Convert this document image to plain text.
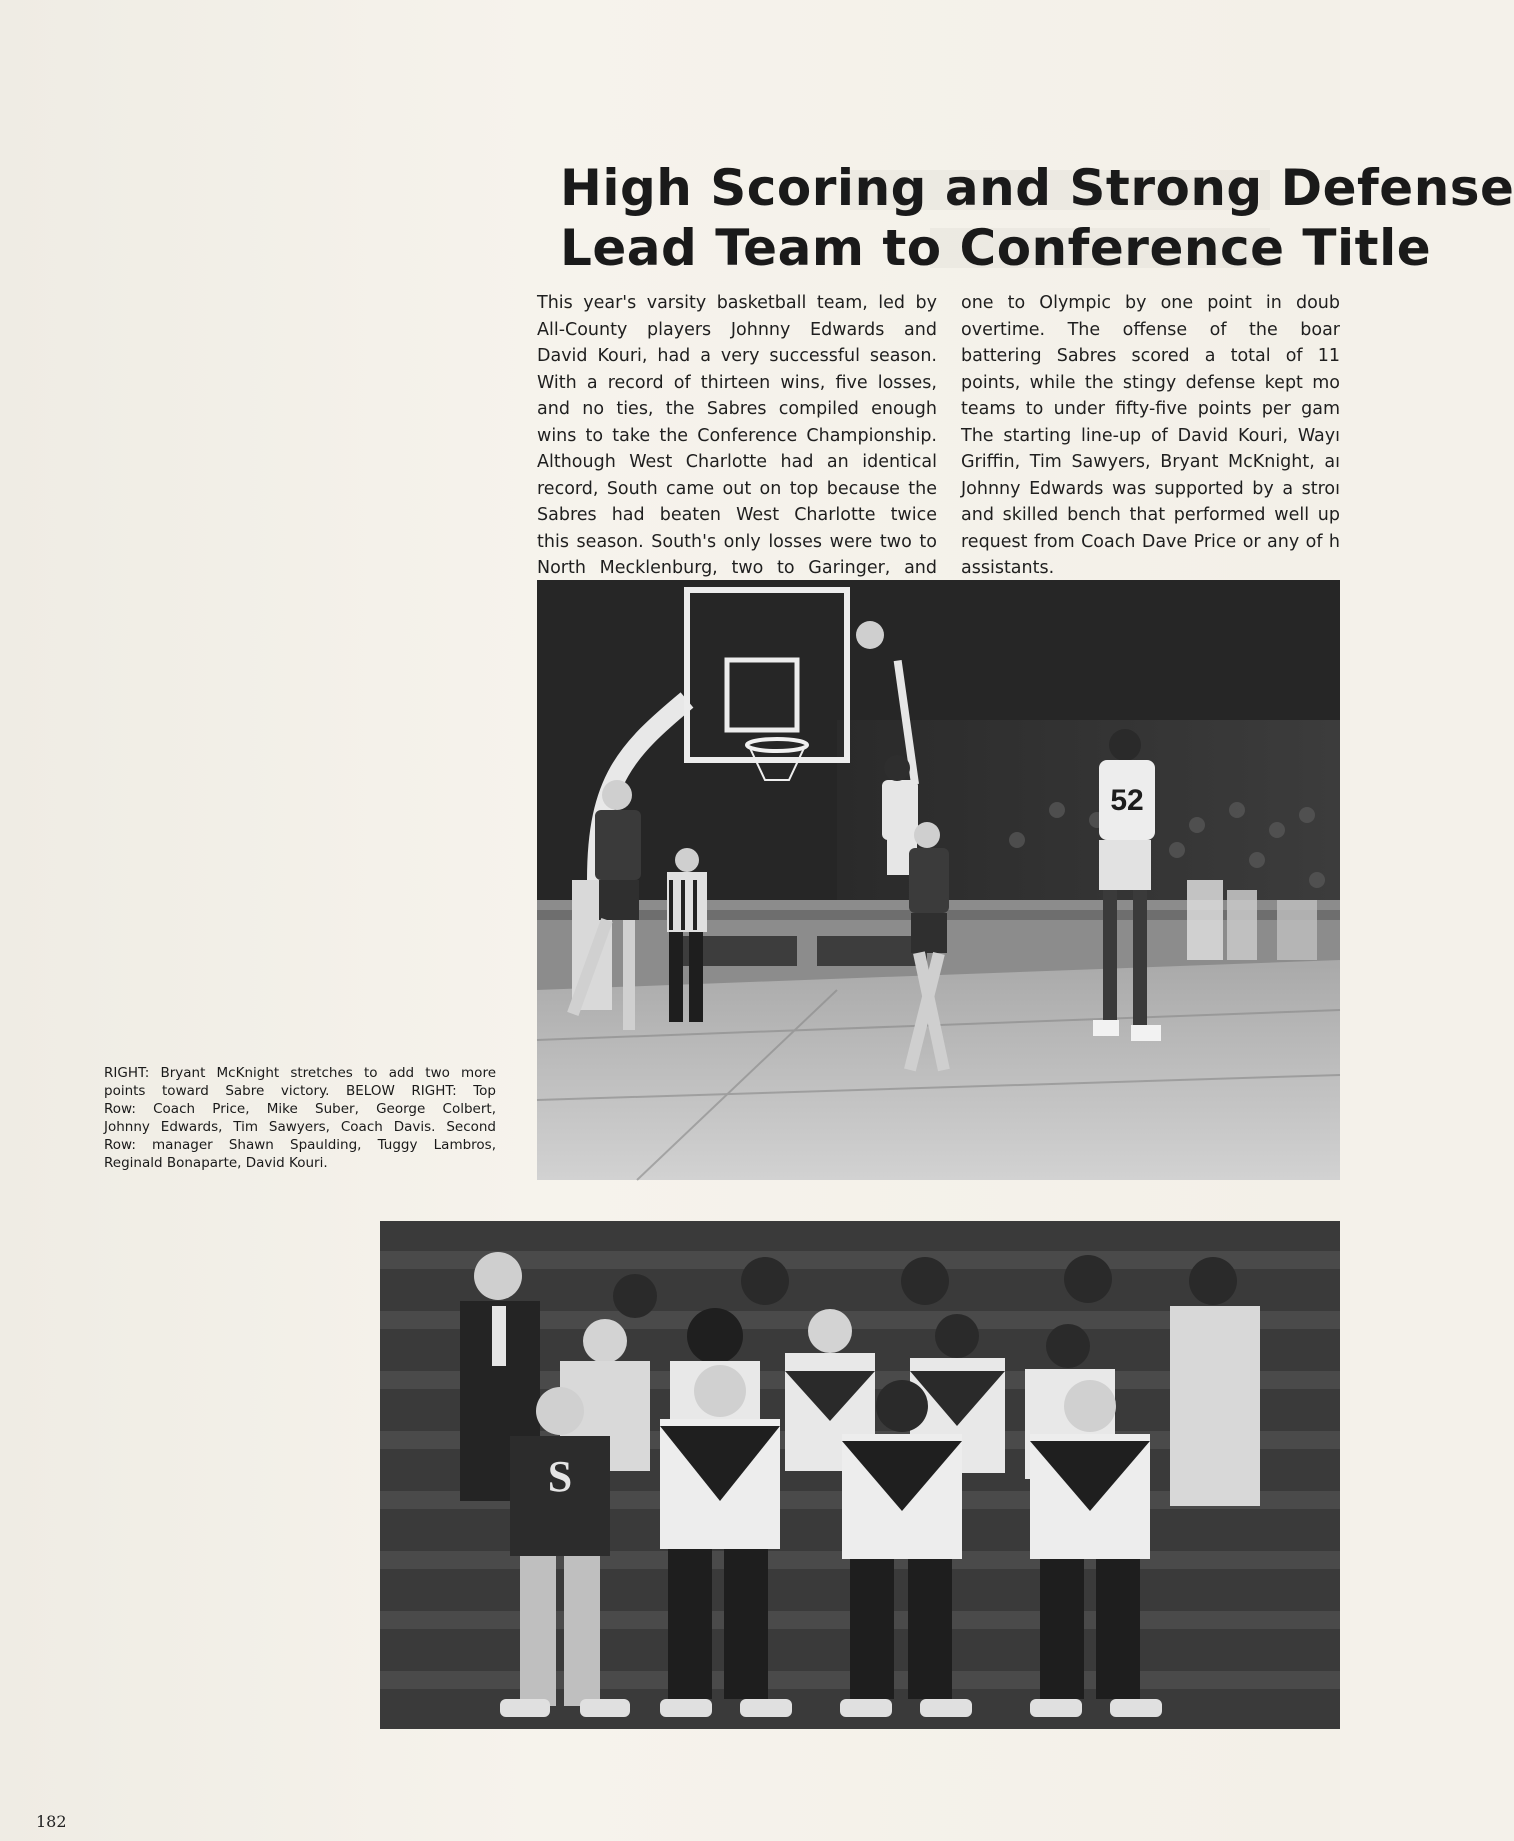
High Scoring and Strong Defense
Lead Team to Conference Title
This year's varsity basketball team, led by
All-County players Johnny Edwards and
David Kouri, had a very successful season.
With a record of thirteen wins, five losses,
and no ties, the Sabres compiled enough
wins to take the Conference Championship.
Although West Charlotte had an identical
record, South came out on top because the
Sabres had beaten West Charlotte twice
this season. South's only losses were two to
North Mecklenburg, two to Garinger, and
one to Olympic by one point in doub
overtime. The offense of the boar
battering Sabres scored a total of 11
points, while the stingy defense kept mo
teams to under fifty-five points per gam
The starting line-up of David Kouri, Wayı
Griffin, Tim Sawyers, Bryant McKnight, aı
Johnny Edwards was supported by a stroı
and skilled bench that performed well up
request from Coach Dave Price or any of h
assistants.
52
RIGHT: Bryant McKnight stretches to add two more
points toward Sabre victory. BELOW RIGHT: Top
Row: Coach Price, Mike Suber, George Colbert,
Johnny Edwards, Tim Sawyers, Coach Davis. Second
Row: manager Shawn Spaulding, Tuggy Lambros,
Reginald Bonaparte, David Kouri.
S
182
